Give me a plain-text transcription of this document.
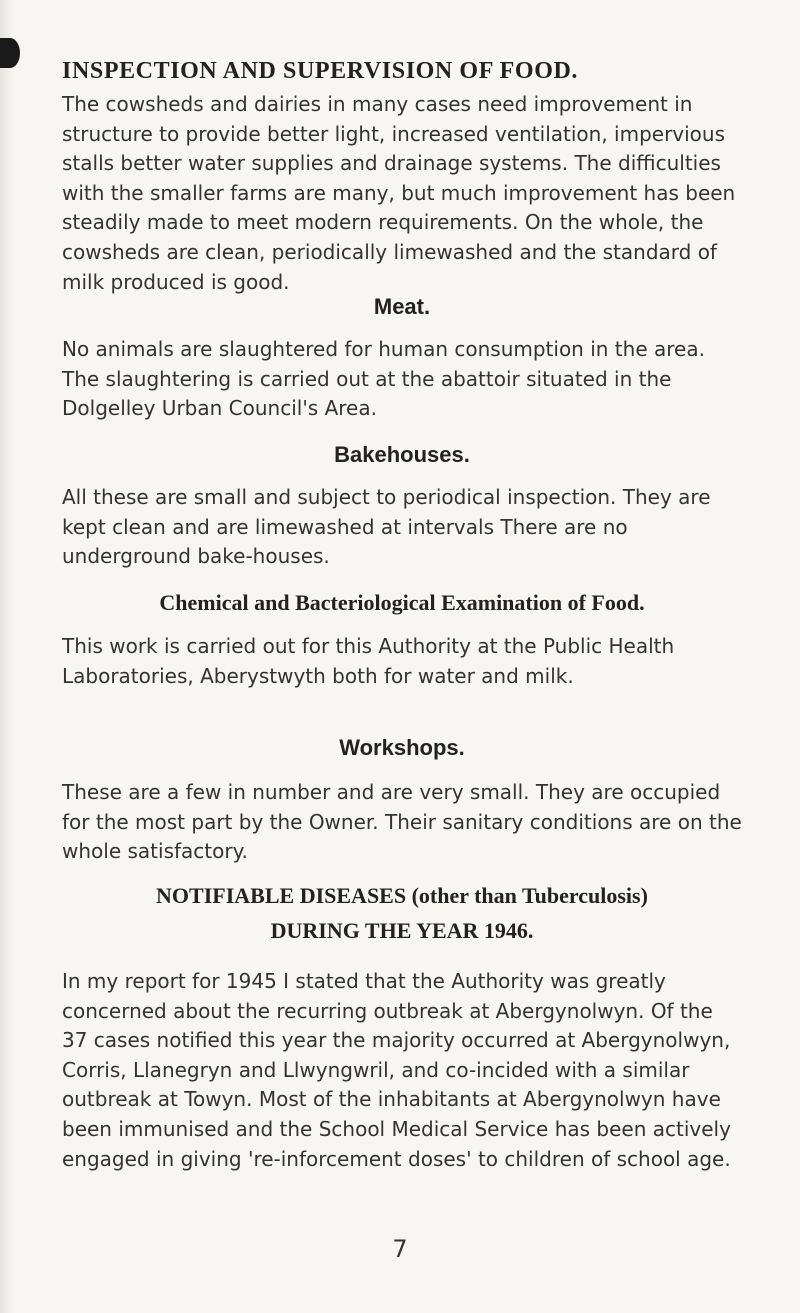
INSPECTION AND SUPERVISION OF FOOD.

The cowsheds and dairies in many cases need improvement in structure to provide better light, increased ventilation, impervious stalls better water supplies and drainage systems. The difficulties with the smaller farms are many, but much improvement has been steadily made to meet modern requirements. On the whole, the cowsheds are clean, periodically limewashed and the standard of milk produced is good.

Meat.

No animals are slaughtered for human consumption in the area. The slaughtering is carried out at the abattoir situated in the Dolgelley Urban Council's Area.

Bakehouses.

All these are small and subject to periodical inspection. They are kept clean and are limewashed at intervals There are no underground bake-houses.

Chemical and Bacteriological Examination of Food.

This work is carried out for this Authority at the Public Health Laboratories, Aberystwyth both for water and milk.

Workshops.

These are a few in number and are very small. They are occupied for the most part by the Owner. Their sanitary conditions are on the whole satisfactory.

NOTIFIABLE DISEASES (other than Tuberculosis)
DURING THE YEAR 1946.

In my report for 1945 I stated that the Authority was greatly concerned about the recurring outbreak at Abergynolwyn. Of the 37 cases notified this year the majority occurred at Abergynolwyn, Corris, Llanegryn and Llwyngwril, and co-incided with a similar outbreak at Towyn. Most of the inhabitants at Abergynolwyn have been immunised and the School Medical Service has been actively engaged in giving 're-inforcement doses' to children of school age.

7
